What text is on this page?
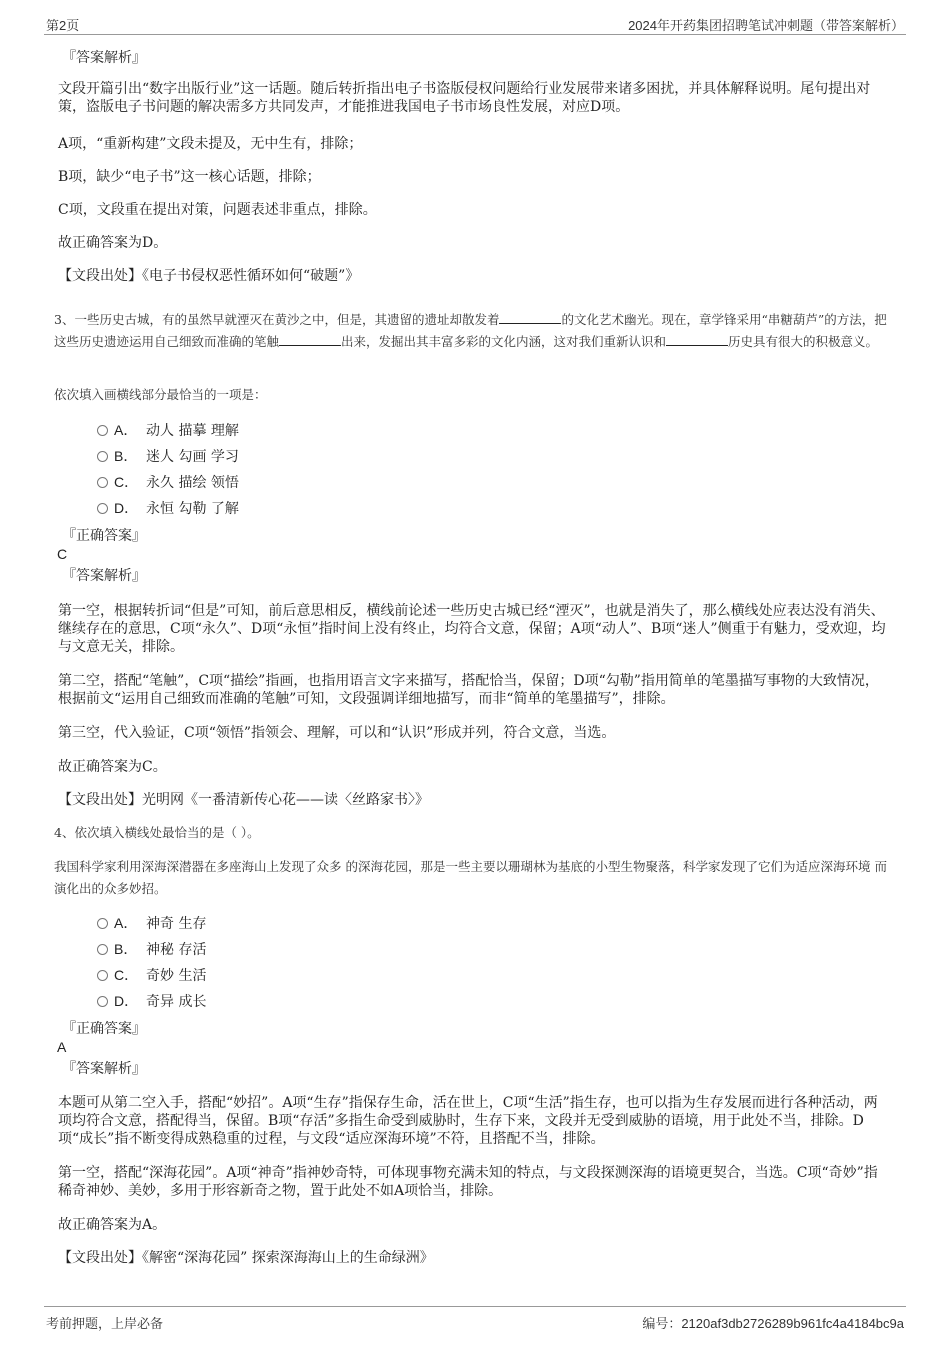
第2页	2024年开药集团招聘笔试冲刺题（带答案解析）

『答案解析』

文段开篇引出“数字出版行业”这一话题。随后转折指出电子书盗版侵权问题给行业发展带来诸多困扰，并具体解释说明。尾句提出对策，盗版电子书问题的解决需多方共同发声，才能推进我国电子书市场良性发展，对应D项。

A项，“重新构建”文段未提及，无中生有，排除；

B项，缺少“电子书”这一核心话题，排除；

C项，文段重在提出对策，问题表述非重点，排除。

故正确答案为D。

【文段出处】《电子书侵权恶性循环如何“破题”》

3、一些历史古城，有的虽然早就湮灭在黄沙之中，但是，其遗留的遗址却散发着	的文化艺术幽光。现在，章学锋采用“串糖葫芦”的方法，把这些历史遗迹运用自己细致而准确的笔触	出来，发掘出其丰富多彩的文化内涵，这对我们重新认识和	历史具有很大的积极意义。

依次填入画横线部分最恰当的一项是：

A． 动人 描摹 理解
B． 迷人 勾画 学习
C． 永久 描绘 领悟
D． 永恒 勾勒 了解

『正确答案』

C

『答案解析』

第一空，根据转折词“但是”可知，前后意思相反，横线前论述一些历史古城已经“湮灭”，也就是消失了，那么横线处应表达没有消失、继续存在的意思，C项“永久”、D项“永恒”指时间上没有终止，均符合文意，保留；A项“动人”、B项“迷人”侧重于有魅力，受欢迎，均与文意无关，排除。

第二空，搭配“笔触”，C项“描绘”指画，也指用语言文字来描写，搭配恰当，保留；D项“勾勒”指用简单的笔墨描写事物的大致情况，根据前文“运用自己细致而准确的笔触”可知，文段强调详细地描写，而非“简单的笔墨描写”，排除。

第三空，代入验证，C项“领悟”指领会、理解，可以和“认识”形成并列，符合文意，当选。

故正确答案为C。

【文段出处】光明网《一番清新传心花——读〈丝路家书〉》

4、依次填入横线处最恰当的是（ ）。

我国科学家利用深海深潜器在多座海山上发现了众多 的深海花园，那是一些主要以珊瑚林为基底的小型生物聚落，科学家发现了它们为适应深海环境 而演化出的众多妙招。

A． 神奇 生存
B． 神秘 存活
C． 奇妙 生活
D． 奇异 成长

『正确答案』

A

『答案解析』

本题可从第二空入手，搭配“妙招”。A项“生存”指保存生命，活在世上，C项“生活”指生存，也可以指为生存发展而进行各种活动，两项均符合文意，搭配得当，保留。B项“存活”多指生命受到威胁时，生存下来，文段并无受到威胁的语境，用于此处不当，排除。D项“成长”指不断变得成熟稳重的过程，与文段“适应深海环境”不符，且搭配不当，排除。

第一空，搭配“深海花园”。A项“神奇”指神妙奇特，可体现事物充满未知的特点，与文段探测深海的语境更契合，当选。C项“奇妙”指稀奇神妙、美妙，多用于形容新奇之物，置于此处不如A项恰当，排除。

故正确答案为A。

【文段出处】《解密“深海花园” 探索深海海山上的生命绿洲》

考前押题，上岸必备	编号：2120af3db2726289b961fc4a4184bc9a
